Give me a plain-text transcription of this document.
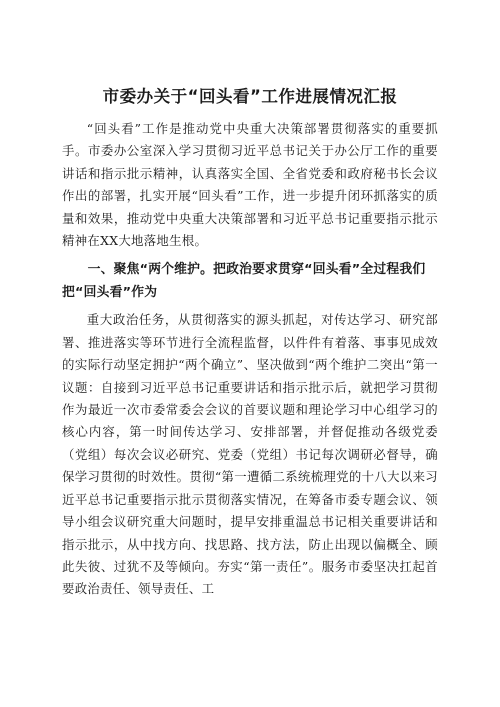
市委办关于“回头看”工作进展情况汇报

“回头看”工作是推动党中央重大决策部署贯彻落实的重要抓手。市委办公室深入学习贯彻习近平总书记关于办公厅工作的重要讲话和指示批示精神，认真落实全国、全省党委和政府秘书长会议作出的部署，扎实开展“回头看”工作，进一步提升闭环抓落实的质量和效果，推动党中央重大决策部署和习近平总书记重要指示批示精神在XX大地落地生根。

一、聚焦“两个维护。把政治要求贯穿“回头看”全过程我们把“回头看”作为

重大政治任务，从贯彻落实的源头抓起，对传达学习、研究部署、推进落实等环节进行全流程监督，以件件有着落、事事见成效的实际行动坚定拥护“两个确立”、坚决做到“两个维护二突出“第一议题：自接到习近平总书记重要讲话和指示批示后，就把学习贯彻作为最近一次市委常委会会议的首要议题和理论学习中心组学习的核心内容，第一时间传达学习、安排部署，并督促推动各级党委（党组）每次会议必研究、党委（党组）书记每次调研必督导，确保学习贯彻的时效性。贯彻“第一遭循二系统梳理党的十八大以来习近平总书记重要指示批示贯彻落实情况，在筹备市委专题会议、领导小组会议研究重大问题时，提早安排重温总书记相关重要讲话和指示批示，从中找方向、找思路、找方法，防止出现以偏概全、顾此失彼、过犹不及等倾向。夯实“第一责任”。服务市委坚决扛起首要政治责任、领导责任、工
